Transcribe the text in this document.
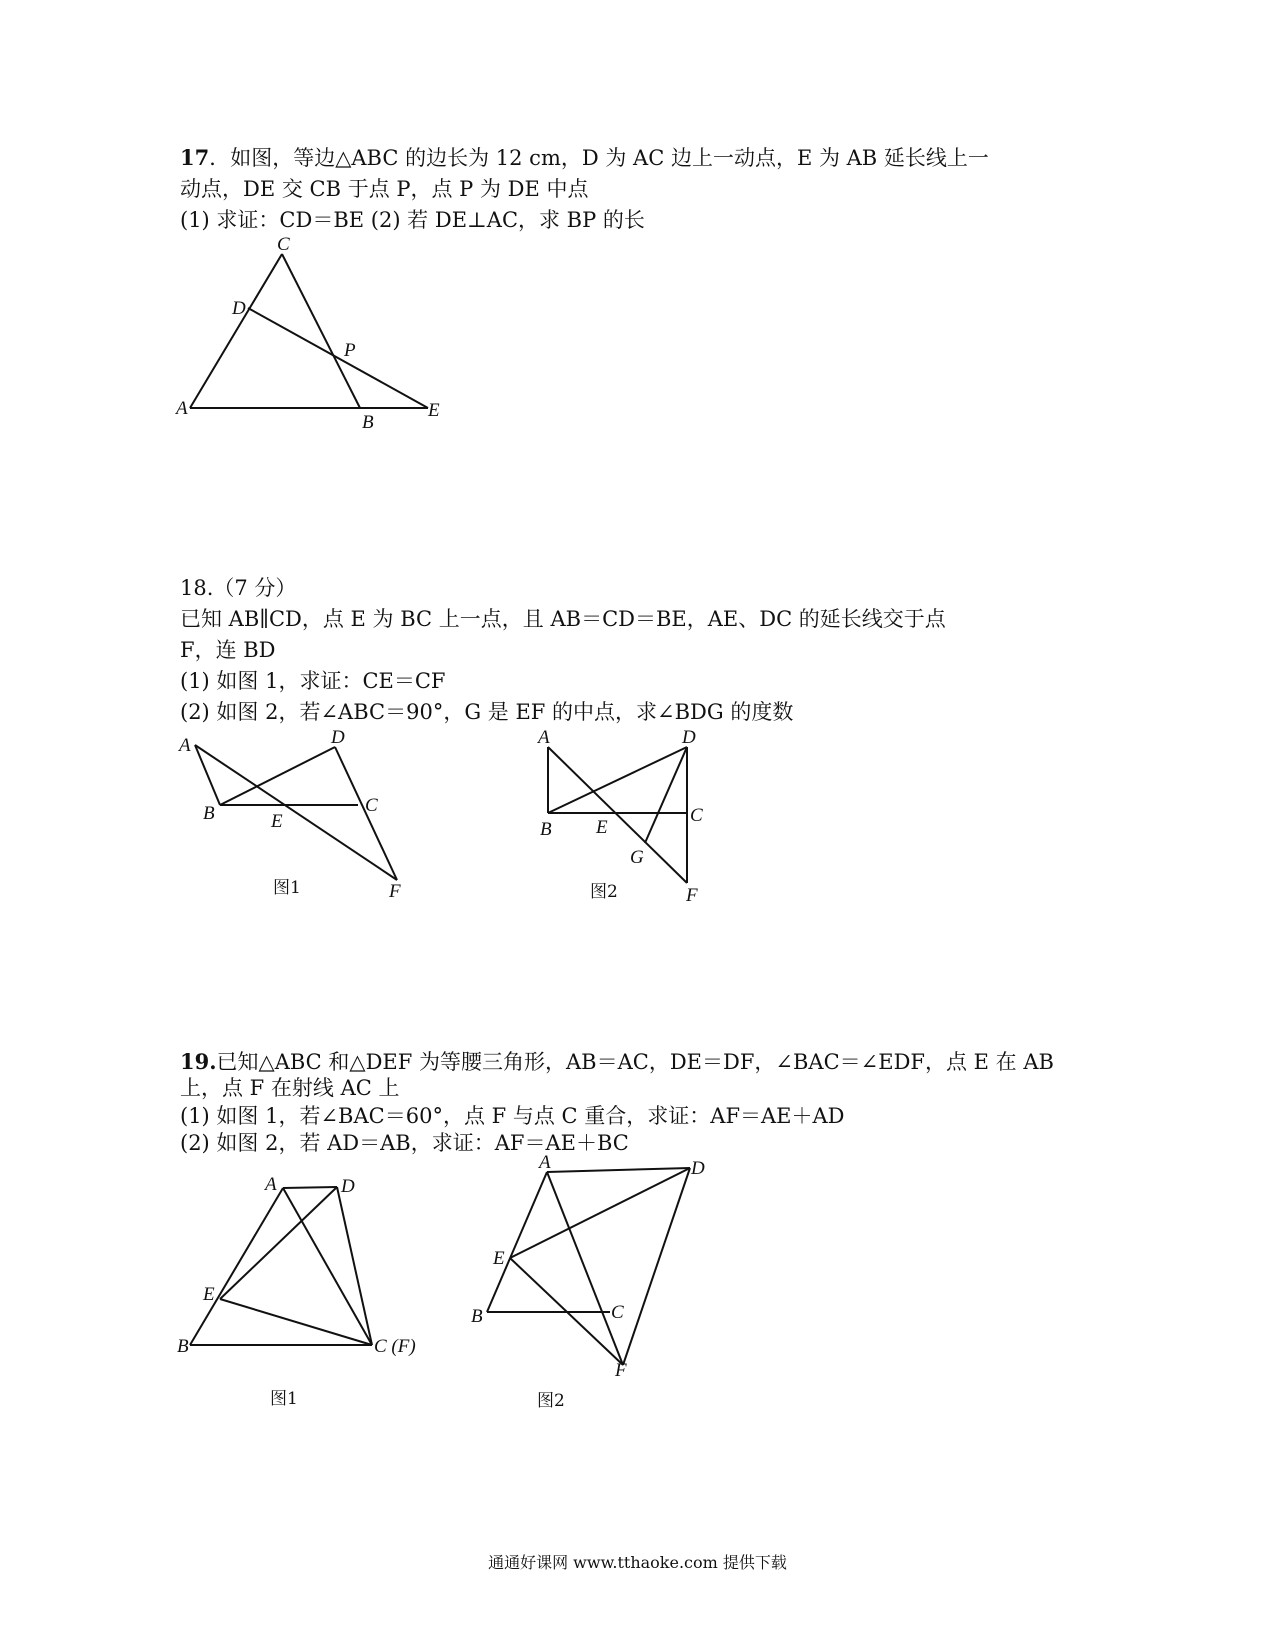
17．如图，等边△ABC 的边长为 12 cm，D 为 AC 边上一动点，E 为 AB 延长线上一
动点，DE 交 CB 于点 P，点 P 为 DE 中点
(1) 求证：CD＝BE (2) 若 DE⊥AC，求 BP 的长
C
D
P
A
B
E
18.（7 分）
已知 AB∥CD，点 E 为 BC 上一点，且 AB＝CD＝BE，AE、DC 的延长线交于点
F，连 BD
(1) 如图 1，求证：CE＝CF
(2) 如图 2，若∠ABC＝90°，G 是 EF 的中点，求∠BDG 的度数
A	D
B	E
C
F
图1
A	D
B E
C
G
F
图2
19.已知△ABC 和△DEF 为等腰三角形，AB＝AC，DE＝DF，∠BAC＝∠EDF，点 E 在 AB
上，点 F 在射线 AC 上
(1) 如图 1，若∠BAC＝60°，点 F 与点 C 重合，求证：AF＝AE＋AD
(2) 如图 2，若 AD＝AB，求证：AF＝AE＋BC
A	D
E
B	C (F)
图1
A	D
E
B	C
F
图2
通通好课网 www.tthaoke.com 提供下载
